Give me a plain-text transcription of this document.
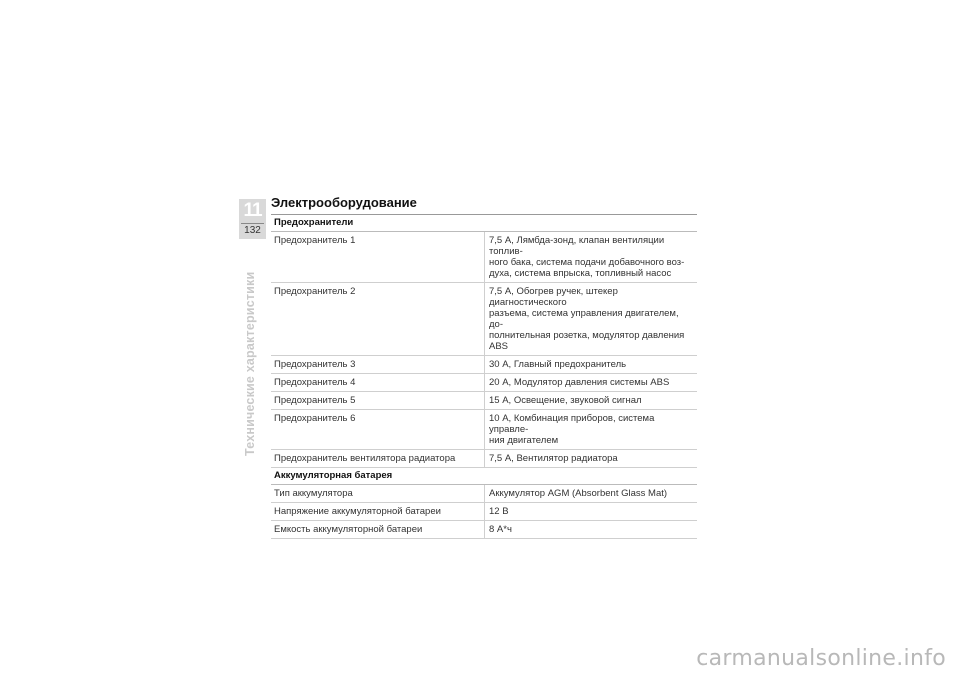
11
132
Технические характеристики
Электрооборудование
Предохранители
Предохранитель 1	7,5 А, Лямбда-зонд, клапан вентиляции топлив-
ного бака, система подачи добавочного воз-
духа, система впрыска, топливный насос
Предохранитель 2	7,5 А, Обогрев ручек, штекер диагностического
разъема, система управления двигателем, до-
полнительная розетка, модулятор давления
ABS
Предохранитель 3	30 А, Главный предохранитель
Предохранитель 4	20 А, Модулятор давления системы ABS
Предохранитель 5	15 А, Освещение, звуковой сигнал
Предохранитель 6	10 А, Комбинация приборов, система управле-
ния двигателем
Предохранитель вентилятора радиатора	7,5 А, Вентилятор радиатора
Аккумуляторная батарея
Тип аккумулятора	Аккумулятор AGM (Absorbent Glass Mat)
Напряжение аккумуляторной батареи	12 В
Емкость аккумуляторной батареи	8 А*ч
carmanualsonline.info
